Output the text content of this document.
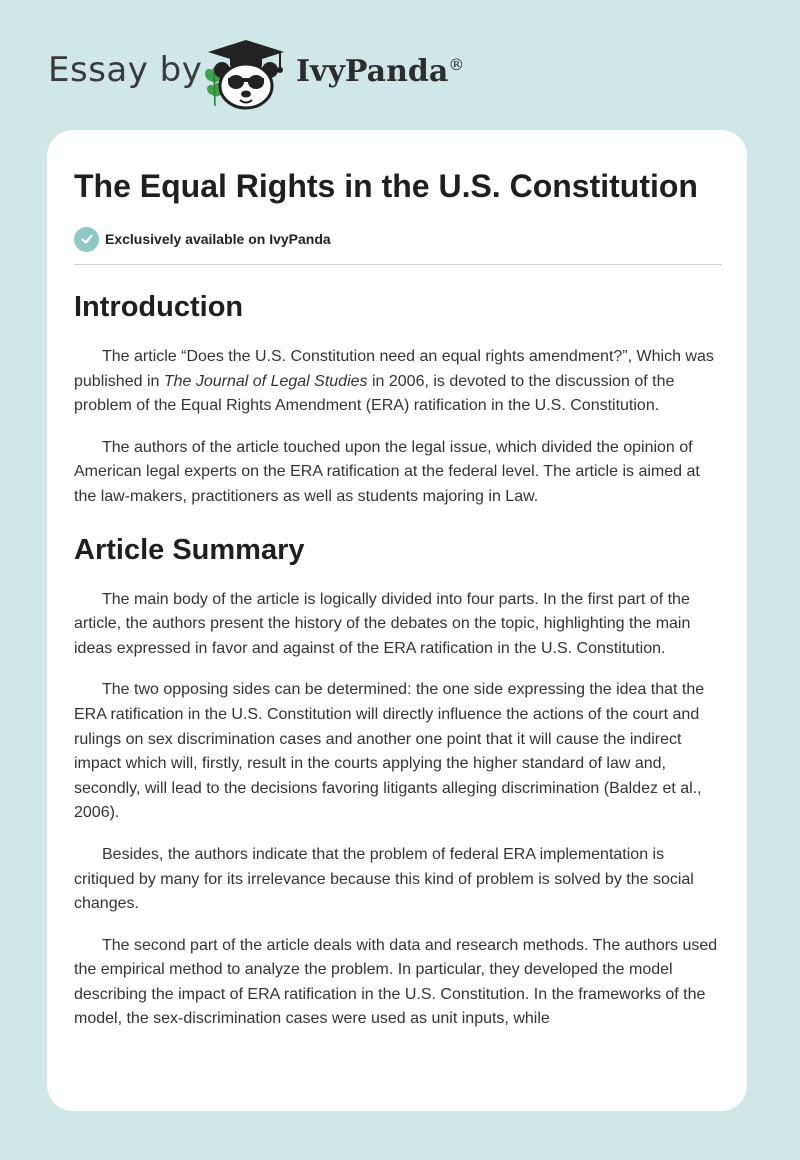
Essay by	IvyPanda®
The Equal Rights in the U.S. Constitution
Exclusively available on IvyPanda
Introduction

The article “Does the U.S. Constitution need an equal rights amendment?”, Which was published in The Journal of Legal Studies in 2006, is devoted to the discussion of the problem of the Equal Rights Amendment (ERA) ratification in the U.S. Constitution.

The authors of the article touched upon the legal issue, which divided the opinion of American legal experts on the ERA ratification at the federal level. The article is aimed at the law-makers, practitioners as well as students majoring in Law.

Article Summary

The main body of the article is logically divided into four parts. In the first part of the article, the authors present the history of the debates on the topic, highlighting the main ideas expressed in favor and against of the ERA ratification in the U.S. Constitution.

The two opposing sides can be determined: the one side expressing the idea that the ERA ratification in the U.S. Constitution will directly influence the actions of the court and rulings on sex discrimination cases and another one point that it will cause the indirect impact which will, firstly, result in the courts applying the higher standard of law and, secondly, will lead to the decisions favoring litigants alleging discrimination (Baldez et al., 2006).

Besides, the authors indicate that the problem of federal ERA implementation is critiqued by many for its irrelevance because this kind of problem is solved by the social changes.

The second part of the article deals with data and research methods. The authors used the empirical method to analyze the problem. In particular, they developed the model describing the impact of ERA ratification in the U.S. Constitution. In the frameworks of the model, the sex-discrimination cases were used as unit inputs, while
